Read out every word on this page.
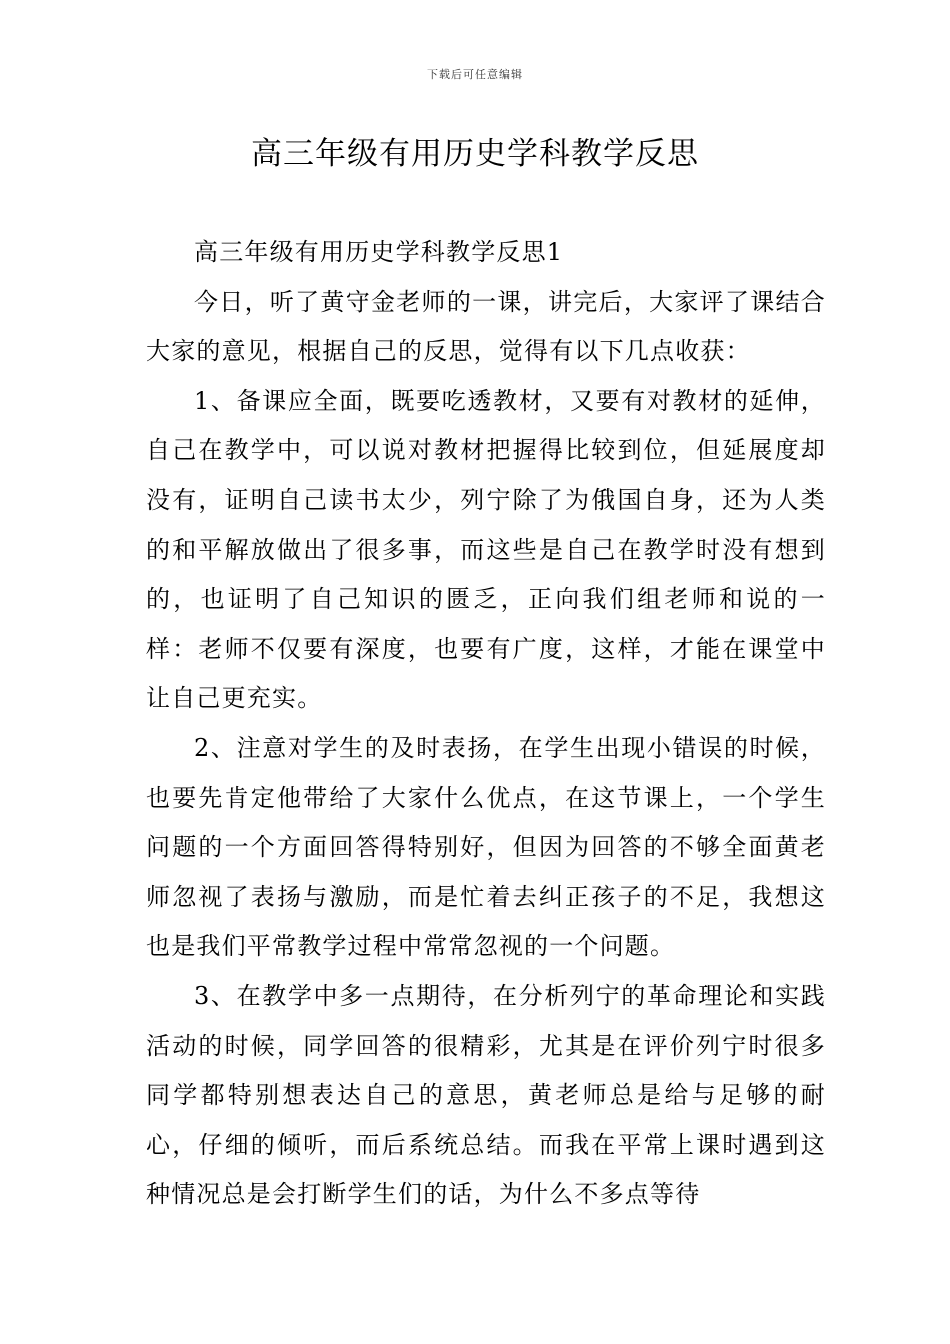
下载后可任意编辑
高三年级有用历史学科教学反思

高三年级有用历史学科教学反思1

今日，听了黄守金老师的一课，讲完后，大家评了课结合大家的意见，根据自己的反思，觉得有以下几点收获：

1、备课应全面，既要吃透教材，又要有对教材的延伸，自己在教学中，可以说对教材把握得比较到位，但延展度却没有，证明自己读书太少，列宁除了为俄国自身，还为人类的和平解放做出了很多事，而这些是自己在教学时没有想到的，也证明了自己知识的匮乏，正向我们组老师和说的一样：老师不仅要有深度，也要有广度，这样，才能在课堂中让自己更充实。

2、注意对学生的及时表扬，在学生出现小错误的时候，也要先肯定他带给了大家什么优点，在这节课上，一个学生问题的一个方面回答得特别好，但因为回答的不够全面黄老师忽视了表扬与激励，而是忙着去纠正孩子的不足，我想这也是我们平常教学过程中常常忽视的一个问题。

3、在教学中多一点期待，在分析列宁的革命理论和实践活动的时候，同学回答的很精彩，尤其是在评价列宁时很多同学都特别想表达自己的意思，黄老师总是给与足够的耐心，仔细的倾听，而后系统总结。而我在平常上课时遇到这种情况总是会打断学生们的话，为什么不多点等待
